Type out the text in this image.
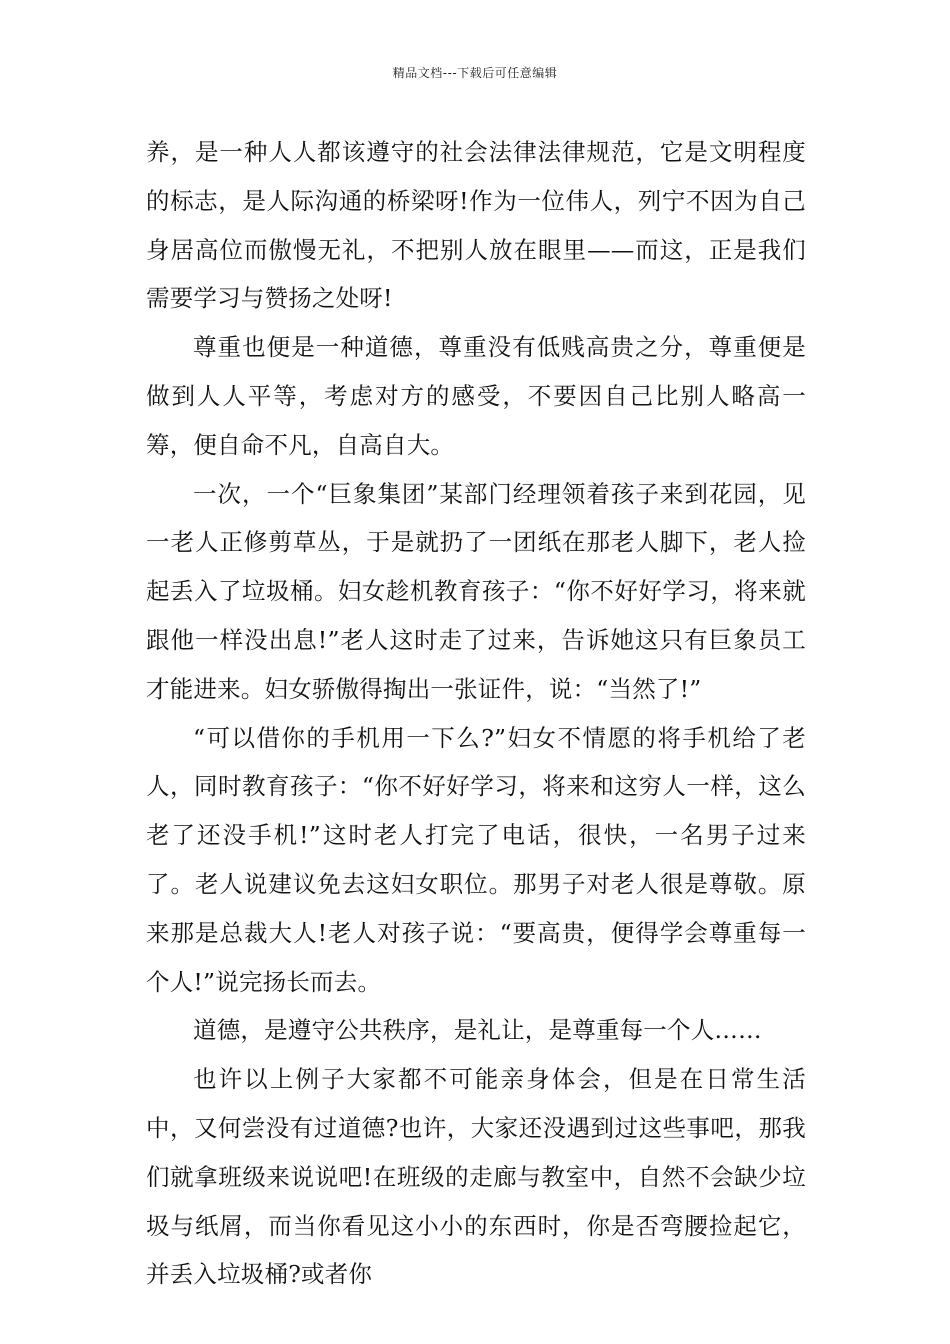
精品文档---下载后可任意编辑

养，是一种人人都该遵守的社会法律法律规范，它是文明程度的标志，是人际沟通的桥梁呀!作为一位伟人，列宁不因为自己身居高位而傲慢无礼，不把别人放在眼里——而这，正是我们需要学习与赞扬之处呀!

尊重也便是一种道德，尊重没有低贱高贵之分，尊重便是做到人人平等，考虑对方的感受，不要因自己比别人略高一筹，便自命不凡，自高自大。

一次，一个“巨象集团”某部门经理领着孩子来到花园，见一老人正修剪草丛，于是就扔了一团纸在那老人脚下，老人捡起丢入了垃圾桶。妇女趁机教育孩子：“你不好好学习，将来就跟他一样没出息!”老人这时走了过来，告诉她这只有巨象员工才能进来。妇女骄傲得掏出一张证件，说：“当然了!”

“可以借你的手机用一下么?”妇女不情愿的将手机给了老人，同时教育孩子：“你不好好学习，将来和这穷人一样，这么老了还没手机!”这时老人打完了电话，很快，一名男子过来了。老人说建议免去这妇女职位。那男子对老人很是尊敬。原来那是总裁大人!老人对孩子说：“要高贵，便得学会尊重每一个人!”说完扬长而去。

道德，是遵守公共秩序，是礼让，是尊重每一个人……

也许以上例子大家都不可能亲身体会，但是在日常生活中，又何尝没有过道德?也许，大家还没遇到过这些事吧，那我们就拿班级来说说吧!在班级的走廊与教室中，自然不会缺少垃圾与纸屑，而当你看见这小小的东西时，你是否弯腰捡起它，并丢入垃圾桶?或者你
